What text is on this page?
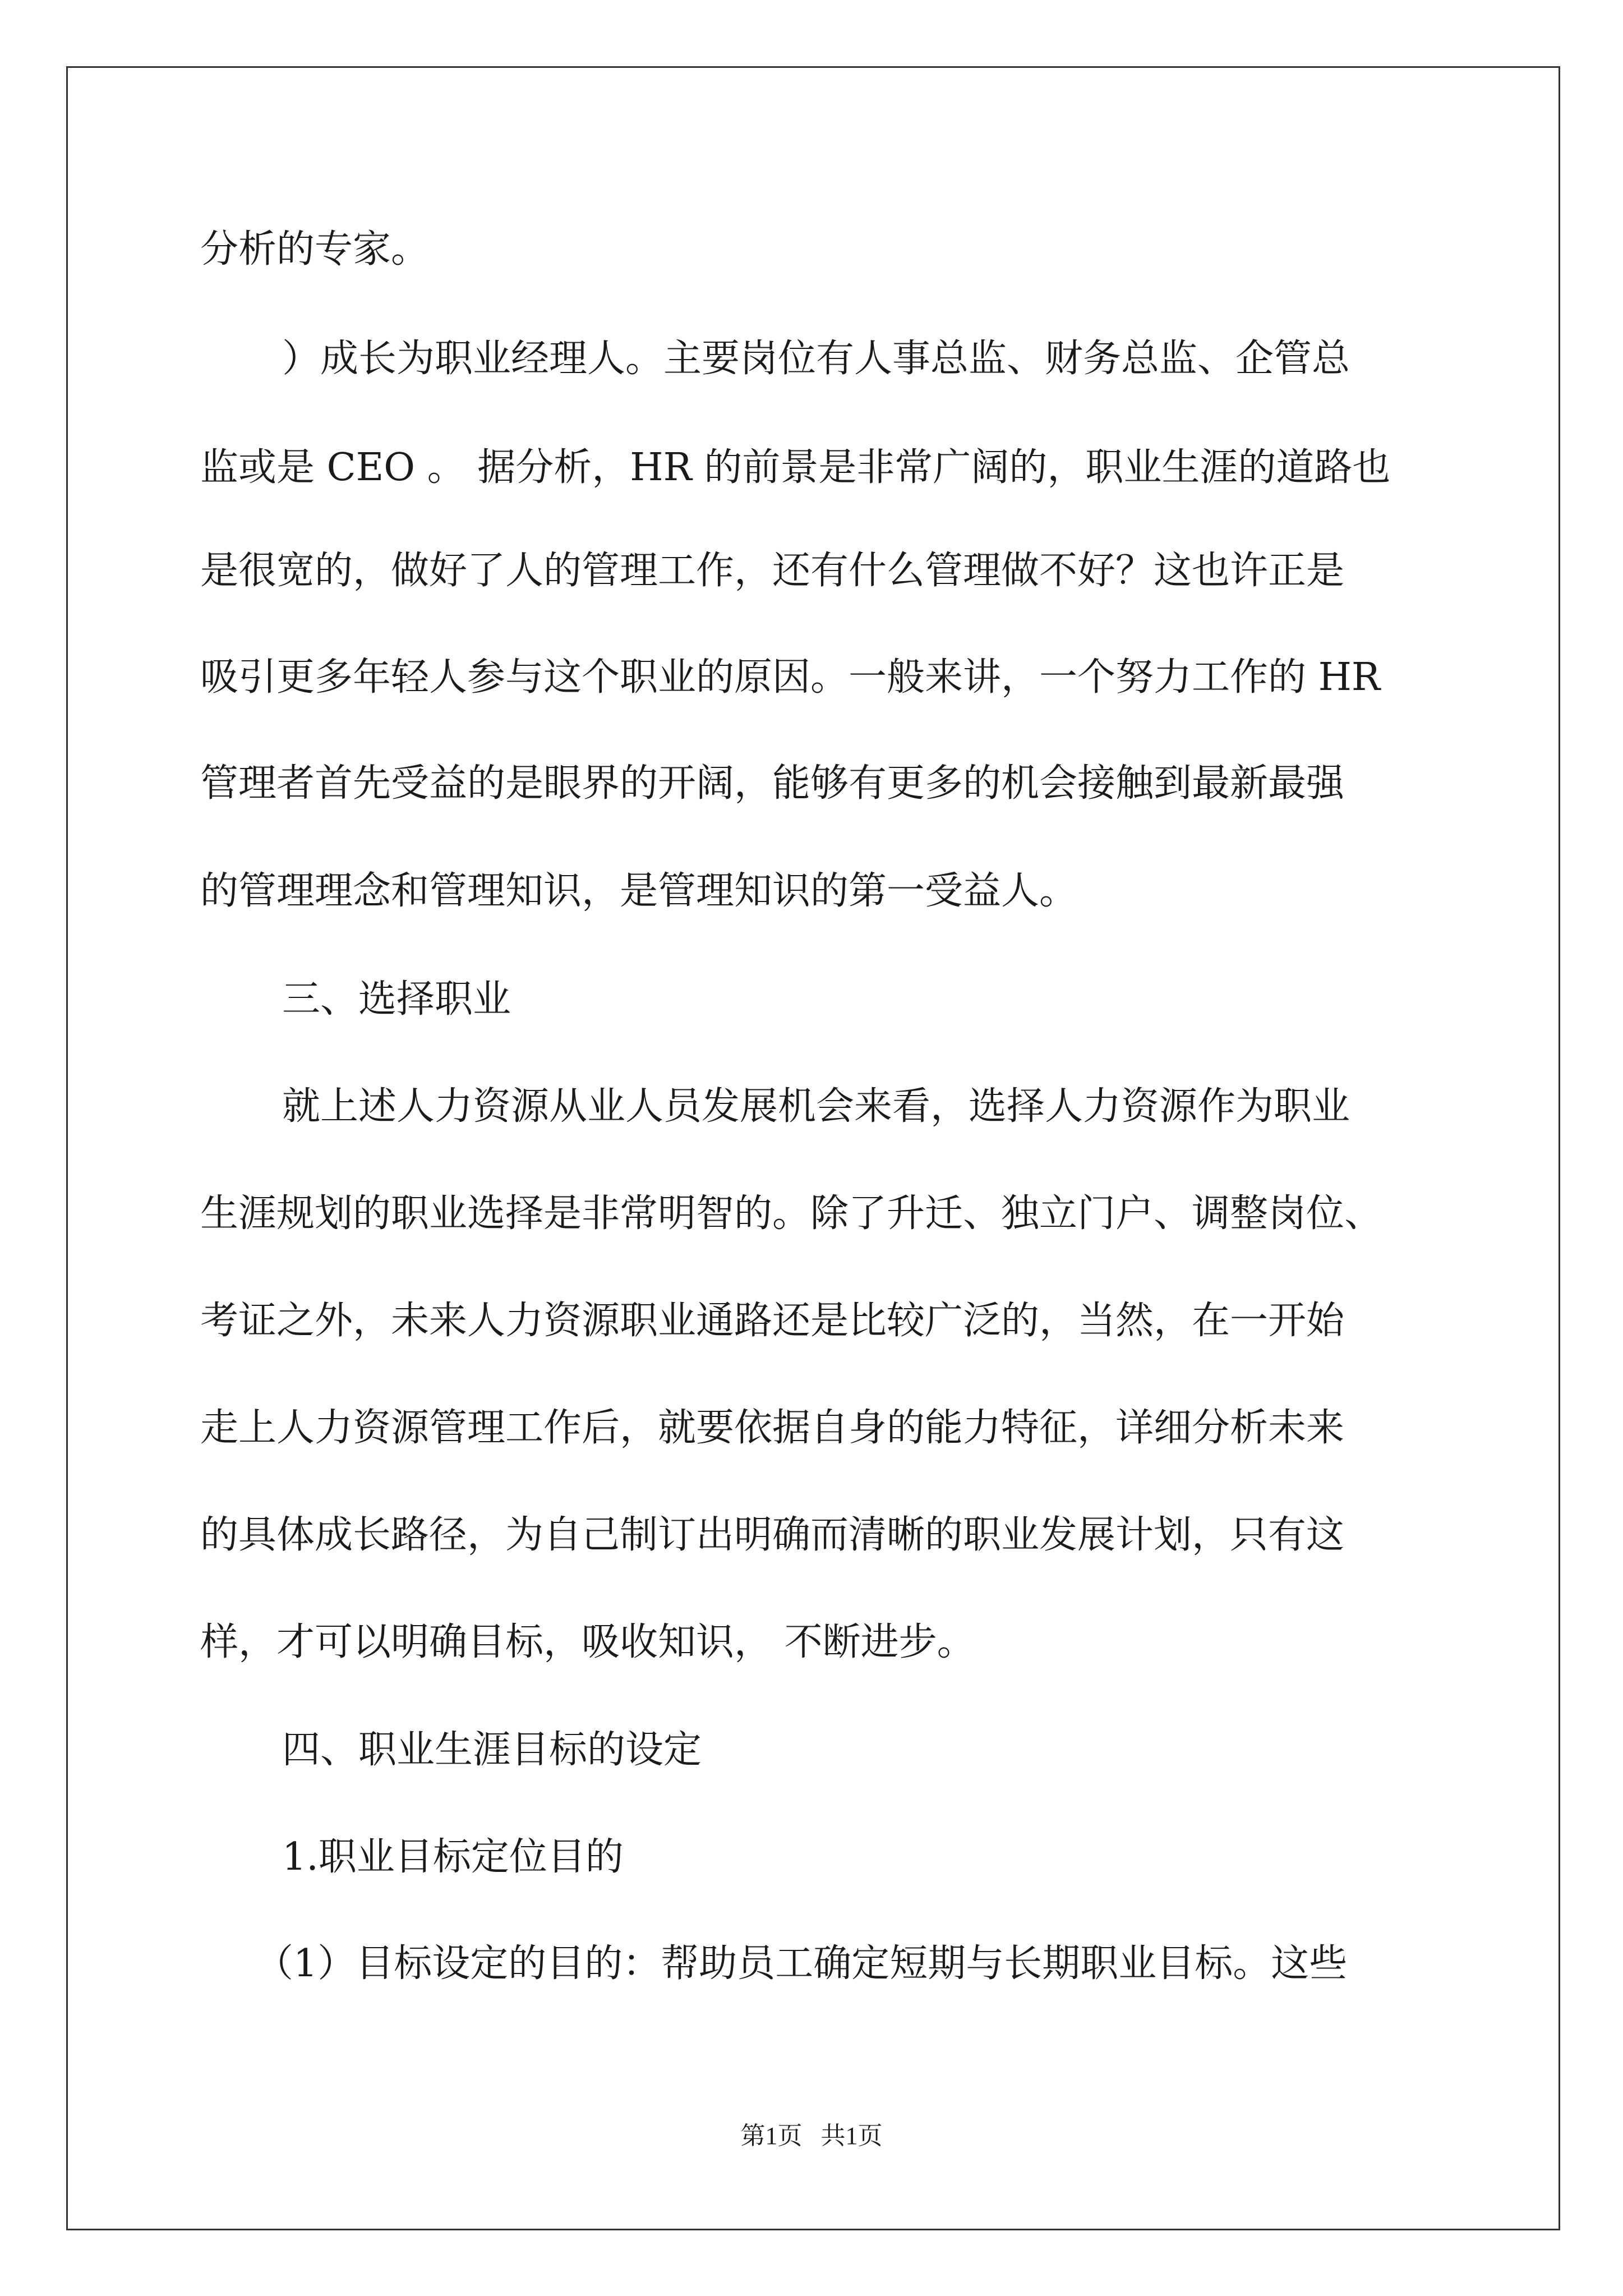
分析的专家。

）成长为职业经理人。主要岗位有人事总监、财务总监、企管总

监或是 CEO 。 据分析，HR 的前景是非常广阔的，职业生涯的道路也

是很宽的，做好了人的管理工作，还有什么管理做不好？这也许正是

吸引更多年轻人参与这个职业的原因。一般来讲，一个努力工作的 HR

管理者首先受益的是眼界的开阔，能够有更多的机会接触到最新最强

的管理理念和管理知识，是管理知识的第一受益人。

三、选择职业

就上述人力资源从业人员发展机会来看，选择人力资源作为职业

生涯规划的职业选择是非常明智的。除了升迁、独立门户、调整岗位、

考证之外，未来人力资源职业通路还是比较广泛的，当然，在一开始

走上人力资源管理工作后，就要依据自身的能力特征，详细分析未来

的具体成长路径，为自己制订出明确而清晰的职业发展计划，只有这

样，才可以明确目标，吸收知识， 不断进步。

四、职业生涯目标的设定

1.职业目标定位目的

（1）目标设定的目的：帮助员工确定短期与长期职业目标。这些

第1页   共1页
